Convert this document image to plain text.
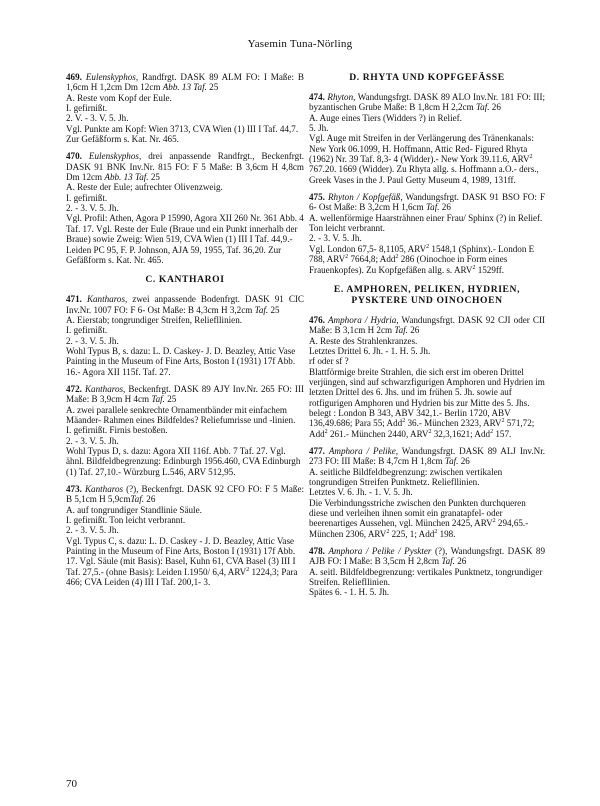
Yasemin Tuna-Nörling

469. Eulenskyphos, Randfrgt. DASK 89 ALM FO: I Maße: B 1,6cm H 1,2cm Dm 12cm Abb. 13 Taf. 25

A. Reste vom Kopf der Eule.

I. gefirnißt.

2. V. - 3. V. 5. Jh.

Vgl. Punkte am Kopf: Wien 3713, CVA Wien (1) III I Taf. 44,7. Zur Gefäßform s. Kat. Nr. 465.

470. Eulenskyphos, drei anpassende Randfrgt., Beckenfrgt. DASK 91 BNK Inv.Nr. 815 FO: F 5 Maße: B 3,6cm H 4,8cm Dm 12cm Abb. 13 Taf. 25

A. Reste der Eule; aufrechter Olivenzweig.

I. gefirnißt.

2. - 3. V. 5. Jh.

Vgl. Profil: Athen, Agora P 15990, Agora XII 260 Nr. 361 Abb. 4 Taf. 17. Vgl. Reste der Eule (Braue und ein Punkt innerhalb der Braue) sowie Zweig: Wien 519, CVA Wien (1) III I Taf. 44,9.- Leiden PC 95, F. P. Johnson, AJA 59, 1955, Taf. 36,20. Zur Gefäßform s. Kat. Nr. 465.

C. KANTHAROI

471. Kantharos, zwei anpassende Bodenfrgt. DASK 91 CIC Inv.Nr. 1007 FO: F 6- Ost Maße: B 4,3cm H 3,2cm Taf. 25

A. Eierstab; tongrundiger Streifen, Reliefllinien.

I. gefirnißt.

2. - 3. V. 5. Jh.

Wohl Typus B, s. dazu: L. D. Caskey- J. D. Beazley, Attic Vase Painting in the Museum of Fine Arts, Boston I (1931) 17f Abb. 16.- Agora XII 115f. Taf. 27.

472. Kantharos, Beckenfrgt. DASK 89 AJY Inv.Nr. 265 FO: III Maße: B 3,9cm H 4cm Taf. 25

A. zwei parallele senkrechte Ornamentbänder mit einfachem Mäander- Rahmen eines Bildfeldes? Reliefumrisse und -linien.

I. gefirnißt. Firnis bestoßen.

2. - 3. V. 5. Jh.

Wohl Typus D, s. dazu: Agora XII 116f. Abb. 7 Taf. 27. Vgl. ähnl. Bildfeldbegrenzung: Edinburgh 1956.460, CVA Edinburgh (1) Taf. 27,10.- Würzburg L.546, ARV 512,95.

473. Kantharos (?), Beckenfrgt. DASK 92 CFO FO: F 5 Maße: B 5,1cm H 5,9cmTaf. 26

A. auf tongrundiger Standlinie Säule.

I. gefirnißt. Ton leicht verbrannt.

2. - 3. V. 5. Jh.

Vgl. Typus C, s. dazu: L. D. Caskey - J. D. Beazley, Attic Vase Painting in the Museum of Fine Arts, Boston I (1931) 17f Abb. 17. Vgl. Säule (mit Basis): Basel, Kuhn 61, CVA Basel (3) III I Taf. 27,5.- (ohne Basis): Leiden I.1950/ 6,4, ARV$^2$ 1224,3; Para 466; CVA Leiden (4) III I Taf. 200,1- 3.

D. RHYTA UND KOPFGEFÄSSE

474. Rhyton, Wandungsfrgt. DASK 89 ALO Inv.Nr. 181 FO: III; byzantischen Grube Maße: B 1,8cm H 2,2cm Taf. 26

A. Auge eines Tiers (Widders ?) in Relief.

5. Jh.

Vgl. Auge mit Streifen in der Verlängerung des Tränenkanals: New York 06.1099, H. Hoffmann, Attic Red- Figured Rhyta (1962) Nr. 39 Taf. 8,3- 4 (Widder).- New York 39.11.6, ARV$^2$ 767.20. 1669 (Widder). Zu Rhyta allg. s. Hoffmann a.O.- ders., Greek Vases in the J. Paul Getty Museum 4, 1989, 131ff.

475. Rhyton / Kopfgefäß, Wandungsfrgt. DASK 91 BSO FO: F 6- Ost Maße: B 3,2cm H 1,6cm Taf. 26

A. wellenförmige Haarsträhnen einer Frau/ Sphinx (?) in Relief.

Ton leicht verbrannt.

2. - 3. V. 5. Jh.

Vgl. London 67,5- 8,1105, ARV$^2$ 1548,1 (Sphinx).- London E 788, ARV$^2$ 7664,8; Add$^2$ 286 (Oinochoe in Form eines Frauenkopfes). Zu Kopfgefäßen allg. s. ARV$^2$ 1529ff.

E. AMPHOREN, PELIKEN, HYDRIEN, PYSKTERE UND OINOCHOEN

476. Amphora / Hydria, Wandungsfrgt. DASK 92 CJI oder CII Maße: B 3,1cm H 2cm Taf. 26

A. Reste des Strahlenkranzes.

Letztes Drittel 6. Jh. - 1. H. 5. Jh.

rf oder sf ?

Blattförmige breite Strahlen, die sich erst im oberen Drittel verjüngen, sind auf schwarzfigurigen Amphoren und Hydrien im letzten Drittel des 6. Jhs. und im frühen 5. Jh. sowie auf rotfigurigen Amphoren und Hydrien bis zur Mitte des 5. Jhs. belegt : London B 343, ABV 342,1.- Berlin 1720, ABV 136,49.686; Para 55; Add$^2$ 36.- München 2323, ARV$^2$ 571,72; Add$^2$ 261.- München 2440, ARV$^2$ 32,3,1621; Add$^2$ 157.

477. Amphora / Pelike, Wandungsfrgt. DASK 89 ALJ Inv.Nr. 273 FO: III Maße: B 4,7cm H 1,8cm Taf. 26

A. seitliche Bildfeldbegrenzung: zwischen vertikalen tongrundigen Streifen Punktnetz. Reliefllinien.

Letztes V. 6. Jh. - 1. V. 5. Jh.

Die Verbindungsstriche zwischen den Punkten durchqueren diese und verleihen ihnen somit ein granatapfel- oder beerenartiges Aussehen, vgl. München 2425, ARV$^2$ 294,65.- München 2306, ARV$^2$ 225, 1; Add$^2$ 198.

478. Amphora / Pelike / Pyskter (?), Wandungsfrgt. DASK 89 AJB FO: I Maße: B 3,5cm H 2,8cm Taf. 26

A. seitl. Bildfeldbegrenzung: vertikales Punktnetz, tongrundiger Streifen. Reliefllinien.

Spätes 6. - 1. H. 5. Jh.

70
